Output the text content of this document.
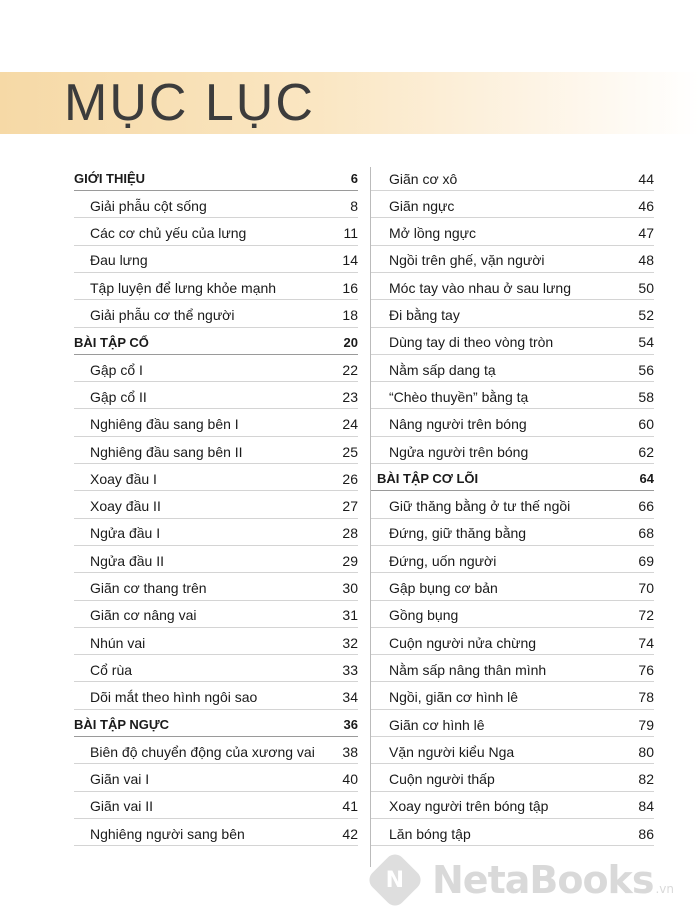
MỤC LỤC
GIỚI THIỆU	6
Giải phẫu cột sống	8
Các cơ chủ yếu của lưng	11
Đau lưng	14
Tập luyện để lưng khỏe mạnh	16
Giải phẫu cơ thể người	18
BÀI TẬP CỔ	20
Gập cổ I	22
Gập cổ II	23
Nghiêng đầu sang bên I	24
Nghiêng đầu sang bên II	25
Xoay đầu I	26
Xoay đầu II	27
Ngửa đầu I	28
Ngửa đầu II	29
Giãn cơ thang trên	30
Giãn cơ nâng vai	31
Nhún vai	32
Cổ rùa	33
Dõi mắt theo hình ngôi sao	34
BÀI TẬP NGỰC	36
Biên độ chuyển động của xương vai	38
Giãn vai I	40
Giãn vai II	41
Nghiêng người sang bên	42
Giãn cơ xô	44
Giãn ngực	46
Mở lồng ngực	47
Ngồi trên ghế, vặn người	48
Móc tay vào nhau ở sau lưng	50
Đi bằng tay	52
Dùng tay di theo vòng tròn	54
Nằm sấp dang tạ	56
“Chèo thuyền” bằng tạ	58
Nâng người trên bóng	60
Ngửa người trên bóng	62
BÀI TẬP CƠ LÕI	64
Giữ thăng bằng ở tư thế ngồi	66
Đứng, giữ thăng bằng	68
Đứng, uốn người	69
Gập bụng cơ bản	70
Gồng bụng	72
Cuộn người nửa chừng	74
Nằm sấp nâng thân mình	76
Ngồi, giãn cơ hình lê	78
Giãn cơ hình lê	79
Vặn người kiểu Nga	80
Cuộn người thấp	82
Xoay người trên bóng tập	84
Lăn bóng tập	86
N NetaBooks .vn
